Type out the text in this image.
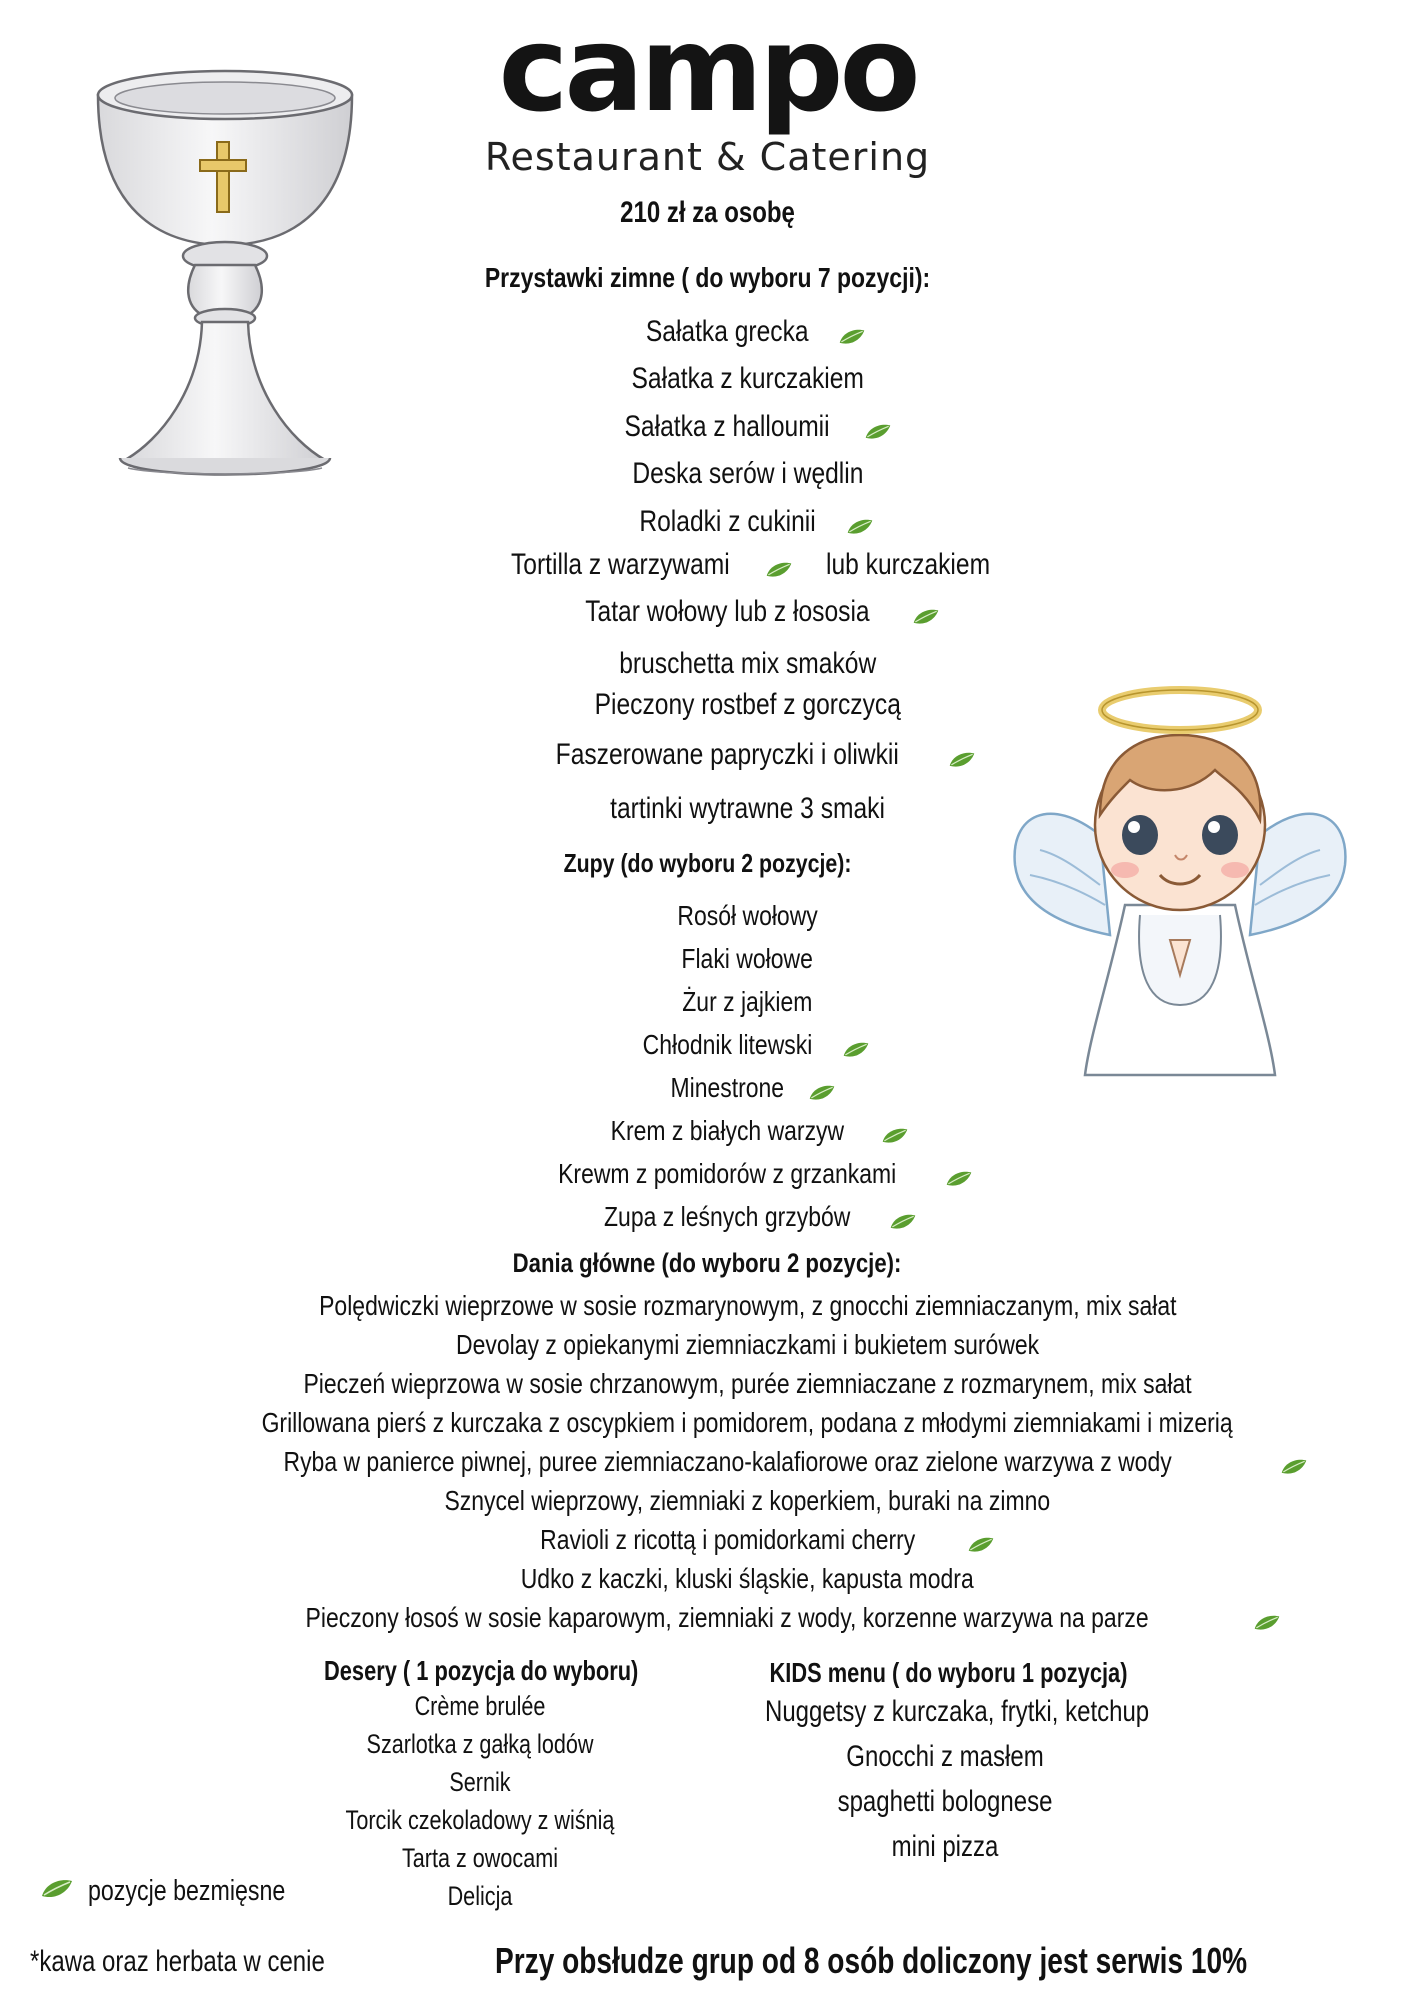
campo
Restaurant & Catering
210 zł za osobę
Przystawki zimne ( do wyboru 7 pozycji):
Sałatka grecka
Sałatka z kurczakiem
Sałatka z halloumii
Deska serów i wędlin
Roladki z cukinii
Tortilla z warzywami	lub kurczakiem
Tatar wołowy lub z łososia
bruschetta mix smaków
Pieczony rostbef z gorczycą
Faszerowane papryczki i oliwkii
tartinki wytrawne 3 smaki
Zupy (do wyboru 2 pozycje):
Rosół wołowy
Flaki wołowe
Żur z jajkiem
Chłodnik litewski
Minestrone
Krem z białych warzyw
Krewm z pomidorów z grzankami
Zupa z leśnych grzybów
Dania główne (do wyboru 2 pozycje):
Polędwiczki wieprzowe w sosie rozmarynowym, z gnocchi ziemniaczanym, mix sałat
Devolay z opiekanymi ziemniaczkami i bukietem surówek
Pieczeń wieprzowa w sosie chrzanowym, purée ziemniaczane z rozmarynem, mix sałat
Grillowana pierś z kurczaka z oscypkiem i pomidorem, podana z młodymi ziemniakami i mizerią
Ryba w panierce piwnej, puree ziemniaczano-kalafiorowe oraz zielone warzywa z wody
Sznycel wieprzowy, ziemniaki z koperkiem, buraki na zimno
Ravioli z ricottą i pomidorkami cherry
Udko z kaczki, kluski śląskie, kapusta modra
Pieczony łosoś w sosie kaparowym, ziemniaki z wody, korzenne warzywa na parze
Desery ( 1 pozycja do wyboru)
Crème brulée
Szarlotka z gałką lodów
Sernik
Torcik czekoladowy z wiśnią
Tarta z owocami
Delicja
KIDS menu ( do wyboru 1 pozycja)
Nuggetsy z kurczaka, frytki, ketchup
Gnocchi z masłem
spaghetti bolognese
mini pizza
pozycje bezmięsne
*kawa oraz herbata w cenie	Przy obsłudze grup od 8 osób doliczony jest serwis 10%
